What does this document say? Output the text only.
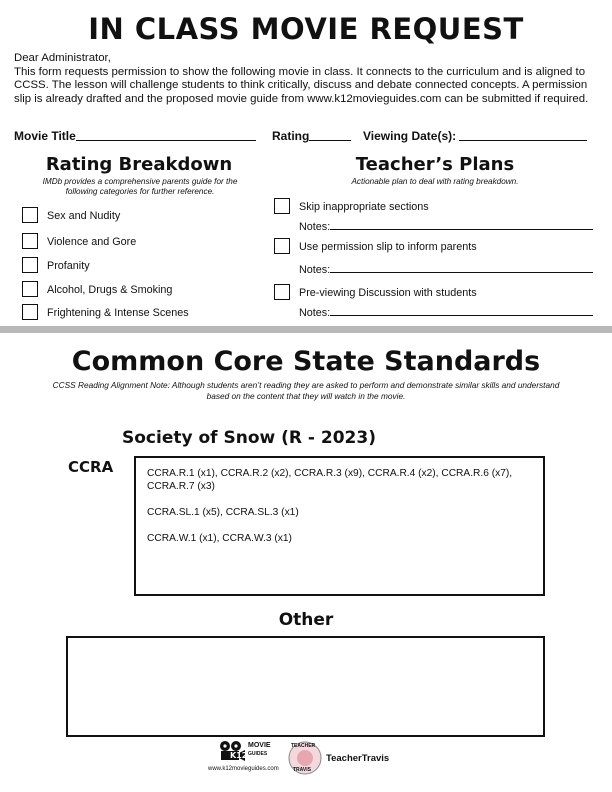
IN CLASS MOVIE REQUEST

Dear Administrator,

This form requests permission to show the following movie in class. It connects to the curriculum and is aligned to CCSS. The lesson will challenge students to think critically, discuss and debate connected concepts. A permission slip is already drafted and the proposed movie guide from www.k12movieguides.com can be submitted if required.

Movie Title	Rating	Viewing Date(s):
Rating Breakdown
IMDb provides a comprehensive parents guide for the following categories for further reference.
Sex and Nudity
Violence and Gore
Profanity
Alcohol, Drugs & Smoking
Frightening & Intense Scenes
Teacher’s Plans
Actionable plan to deal with rating breakdown.
Skip inappropriate sections
Notes:
Use permission slip to inform parents
Notes:
Pre-viewing Discussion with students
Notes:
Common Core State Standards
CCSS Reading Alignment Note: Although students aren’t reading they are asked to perform and demonstrate similar skills and understand based on the content that they will watch in the movie.
Society of Snow (R - 2023)
CCRA	CCRA.R.1 (x1), CCRA.R.2 (x2), CCRA.R.3 (x9), CCRA.R.4 (x2), CCRA.R.6 (x7), CCRA.R.7 (x3)

CCRA.SL.1 (x5), CCRA.SL.3 (x1)

CCRA.W.1 (x1), CCRA.W.3 (x1)

Other
K12
MOVIE
GUIDES
www.k12movieguides.com
TEACHER
TRAVIS
TeacherTravis
